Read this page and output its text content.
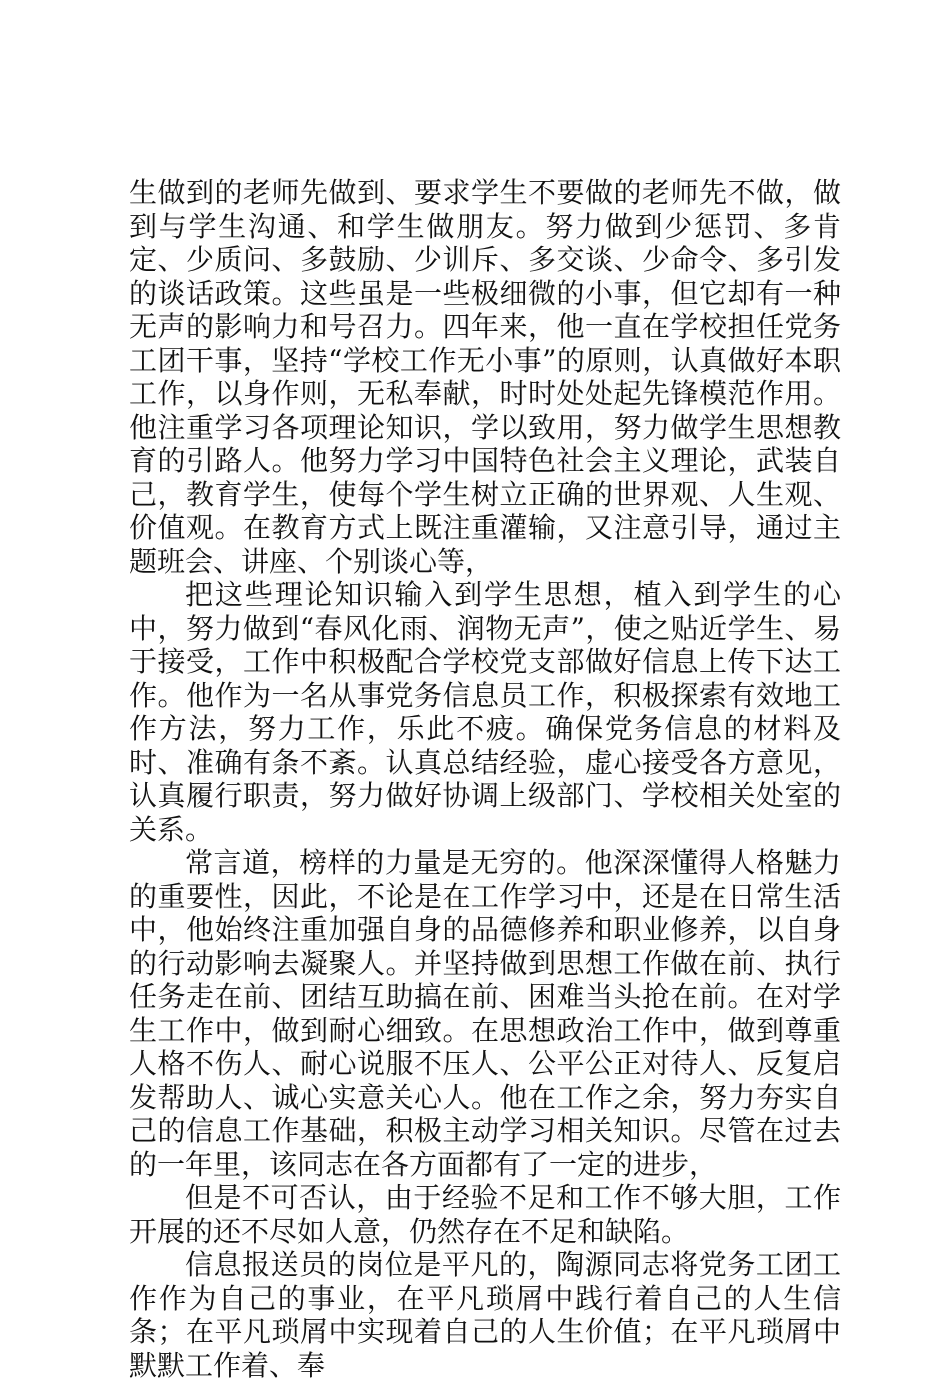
生做到的老师先做到、要求学生不要做的老师先不做，做到与学生沟通、和学生做朋友。努力做到少惩罚、多肯定、少质问、多鼓励、少训斥、多交谈、少命令、多引发的谈话政策。这些虽是一些极细微的小事，但它却有一种无声的影响力和号召力。四年来，他一直在学校担任党务工团干事，坚持“学校工作无小事”的原则，认真做好本职工作，以身作则，无私奉献，时时处处起先锋模范作用。他注重学习各项理论知识，学以致用，努力做学生思想教育的引路人。他努力学习中国特色社会主义理论，武装自己，教育学生，使每个学生树立正确的世界观、人生观、价值观。在教育方式上既注重灌输，又注意引导，通过主题班会、讲座、个别谈心等，

把这些理论知识输入到学生思想，植入到学生的心中，努力做到“春风化雨、润物无声”，使之贴近学生、易于接受，工作中积极配合学校党支部做好信息上传下达工作。他作为一名从事党务信息员工作，积极探索有效地工作方法，努力工作，乐此不疲。确保党务信息的材料及时、准确有条不紊。认真总结经验，虚心接受各方意见，认真履行职责，努力做好协调上级部门、学校相关处室的关系。

常言道，榜样的力量是无穷的。他深深懂得人格魅力的重要性，因此，不论是在工作学习中，还是在日常生活中，他始终注重加强自身的品德修养和职业修养，以自身的行动影响去凝聚人。并坚持做到思想工作做在前、执行任务走在前、团结互助搞在前、困难当头抢在前。在对学生工作中，做到耐心细致。在思想政治工作中，做到尊重人格不伤人、耐心说服不压人、公平公正对待人、反复启发帮助人、诚心实意关心人。他在工作之余，努力夯实自己的信息工作基础，积极主动学习相关知识。尽管在过去的一年里，该同志在各方面都有了一定的进步，

但是不可否认，由于经验不足和工作不够大胆，工作开展的还不尽如人意，仍然存在不足和缺陷。

信息报送员的岗位是平凡的，陶源同志将党务工团工作作为自己的事业，在平凡琐屑中践行着自己的人生信条；在平凡琐屑中实现着自己的人生价值；在平凡琐屑中默默工作着、奉
